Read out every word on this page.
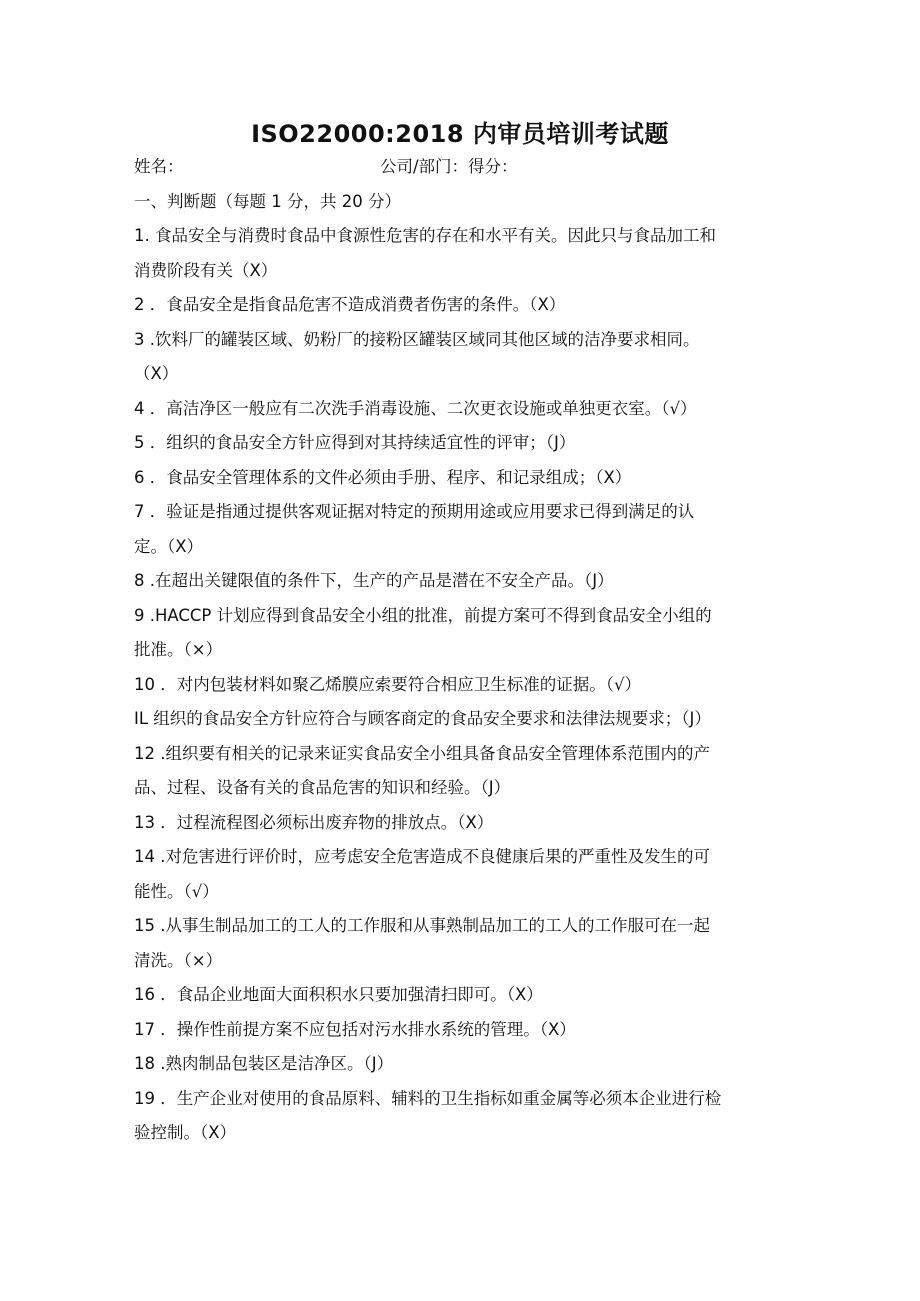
ISO22000:2018 内审员培训考试题
姓名：	公司/部门：得分：
一、判断题（每题 1 分，共 20 分）
1. 食品安全与消费时食品中食源性危害的存在和水平有关。因此只与食品加工和
消费阶段有关（X）
2 ．食品安全是指食品危害不造成消费者伤害的条件。（X）
3 .饮料厂的罐装区域、奶粉厂的接粉区罐装区域同其他区域的洁净要求相同。
（X）
4 ．高洁净区一般应有二次洗手消毒设施、二次更衣设施或单独更衣室。（√）
5 ．组织的食品安全方针应得到对其持续适宜性的评审；（J）
6 ．食品安全管理体系的文件必须由手册、程序、和记录组成；（X）
7 ．验证是指通过提供客观证据对特定的预期用途或应用要求已得到满足的认
定。（X）
8 .在超出关键限值的条件下，生产的产品是潜在不安全产品。（J）
9 .HACCP 计划应得到食品安全小组的批准，前提方案可不得到食品安全小组的
批准。（×）
10 ．对内包装材料如聚乙烯膜应索要符合相应卫生标准的证据。（√）
IL 组织的食品安全方针应符合与顾客商定的食品安全要求和法律法规要求；（J）
12 .组织要有相关的记录来证实食品安全小组具备食品安全管理体系范围内的产
品、过程、设备有关的食品危害的知识和经验。（J）
13 ．过程流程图必须标出废弃物的排放点。（X）
14 .对危害进行评价时，应考虑安全危害造成不良健康后果的严重性及发生的可
能性。（√）
15 .从事生制品加工的工人的工作服和从事熟制品加工的工人的工作服可在一起
清洗。（×）
16 ．食品企业地面大面积积水只要加强清扫即可。（X）
17 ．操作性前提方案不应包括对污水排水系统的管理。（X）
18 .熟肉制品包装区是洁净区。（J）
19 ．生产企业对使用的食品原料、辅料的卫生指标如重金属等必须本企业进行检
验控制。（X）
